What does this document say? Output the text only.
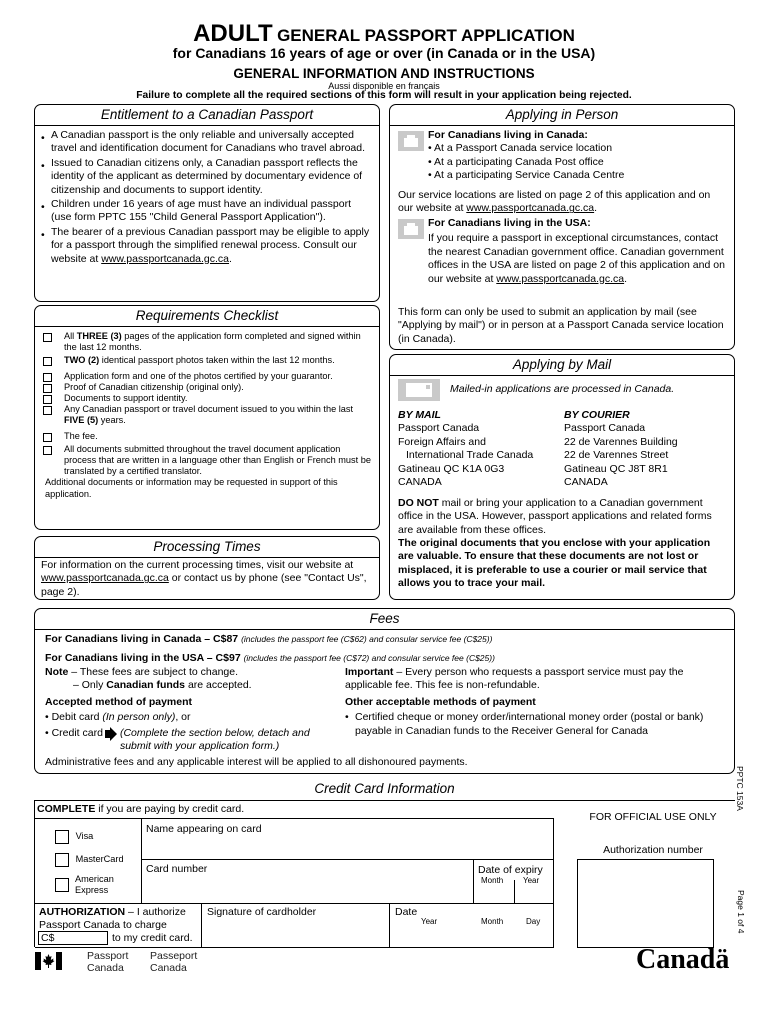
ADULT GENERAL PASSPORT APPLICATION
for Canadians 16 years of age or over (in Canada or in the USA)
GENERAL INFORMATION AND INSTRUCTIONS
Aussi disponible en français
Failure to complete all the required sections of this form will result in your application being rejected.
Entitlement to a Canadian Passport
• A Canadian passport is the only reliable and universally accepted travel and identification document for Canadians who travel abroad.
• Issued to Canadian citizens only, a Canadian passport reflects the identity of the applicant as determined by documentary evidence of citizenship and documents to support identity.
• Children under 16 years of age must have an individual passport (use form PPTC 155 "Child General Passport Application").
• The bearer of a previous Canadian passport may be eligible to apply for a passport through the simplified renewal process. Consult our website at www.passportcanada.gc.ca.
Requirements Checklist
All THREE (3) pages of the application form completed and signed within the last 12 months.
TWO (2) identical passport photos taken within the last 12 months.
Application form and one of the photos certified by your guarantor.
Proof of Canadian citizenship (original only).
Documents to support identity.
Any Canadian passport or travel document issued to you within the last FIVE (5) years.
The fee.
All documents submitted throughout the travel document application process that are written in a language other than English or French must be translated by a certified translator.
Additional documents or information may be requested in support of this application.
Processing Times
For information on the current processing times, visit our website at www.passportcanada.gc.ca or contact us by phone (see "Contact Us", page 2).
Applying in Person
For Canadians living in Canada:
• At a Passport Canada service location
• At a participating Canada Post office
• At a participating Service Canada Centre
Our service locations are listed on page 2 of this application and on our website at www.passportcanada.gc.ca.
For Canadians living in the USA:
If you require a passport in exceptional circumstances, contact the nearest Canadian government office. Canadian government offices in the USA are listed on page 2 of this application and on our website at www.passportcanada.gc.ca.
This form can only be used to submit an application by mail (see "Applying by mail") or in person at a Passport Canada service location (in Canada).
Applying by Mail
Mailed-in applications are processed in Canada.
BY MAIL
Passport Canada
Foreign Affairs and
International Trade Canada
Gatineau QC K1A 0G3
CANADA
BY COURIER
Passport Canada
22 de Varennes Building
22 de Varennes Street
Gatineau QC J8T 8R1
CANADA
DO NOT mail or bring your application to a Canadian government office in the USA. However, passport applications and related forms are available from these offices.
The original documents that you enclose with your application are valuable. To ensure that these documents are not lost or misplaced, it is preferable to use a courier or mail service that allows you to trace your mail.
Fees
For Canadians living in Canada – C$87 (includes the passport fee (C$62) and consular service fee (C$25))
For Canadians living in the USA – C$97 (includes the passport fee (C$72) and consular service fee (C$25))
Note – These fees are subject to change.
– Only Canadian funds are accepted.
Accepted method of payment
• Debit card (In person only), or
• Credit card (Complete the section below, detach and submit with your application form.)
Important – Every person who requests a passport service must pay the applicable fee. This fee is non-refundable.
Other acceptable methods of payment
• Certified cheque or money order/international money order (postal or bank) payable in Canadian funds to the Receiver General for Canada
Administrative fees and any applicable interest will be applied to all dishonoured payments.
Credit Card Information
COMPLETE if you are paying by credit card.
Visa
MasterCard
American Express
Name appearing on card
Card number	Date of expiry
Month Year
AUTHORIZATION – I authorize Passport Canada to charge
C$	to my credit card.
Signature of cardholder	Date
Year	Month	Day
FOR OFFICIAL USE ONLY
Authorization number
PPTC 153A
Page 1 of 4
Passport
Canada
Passeport
Canada	Canadä
